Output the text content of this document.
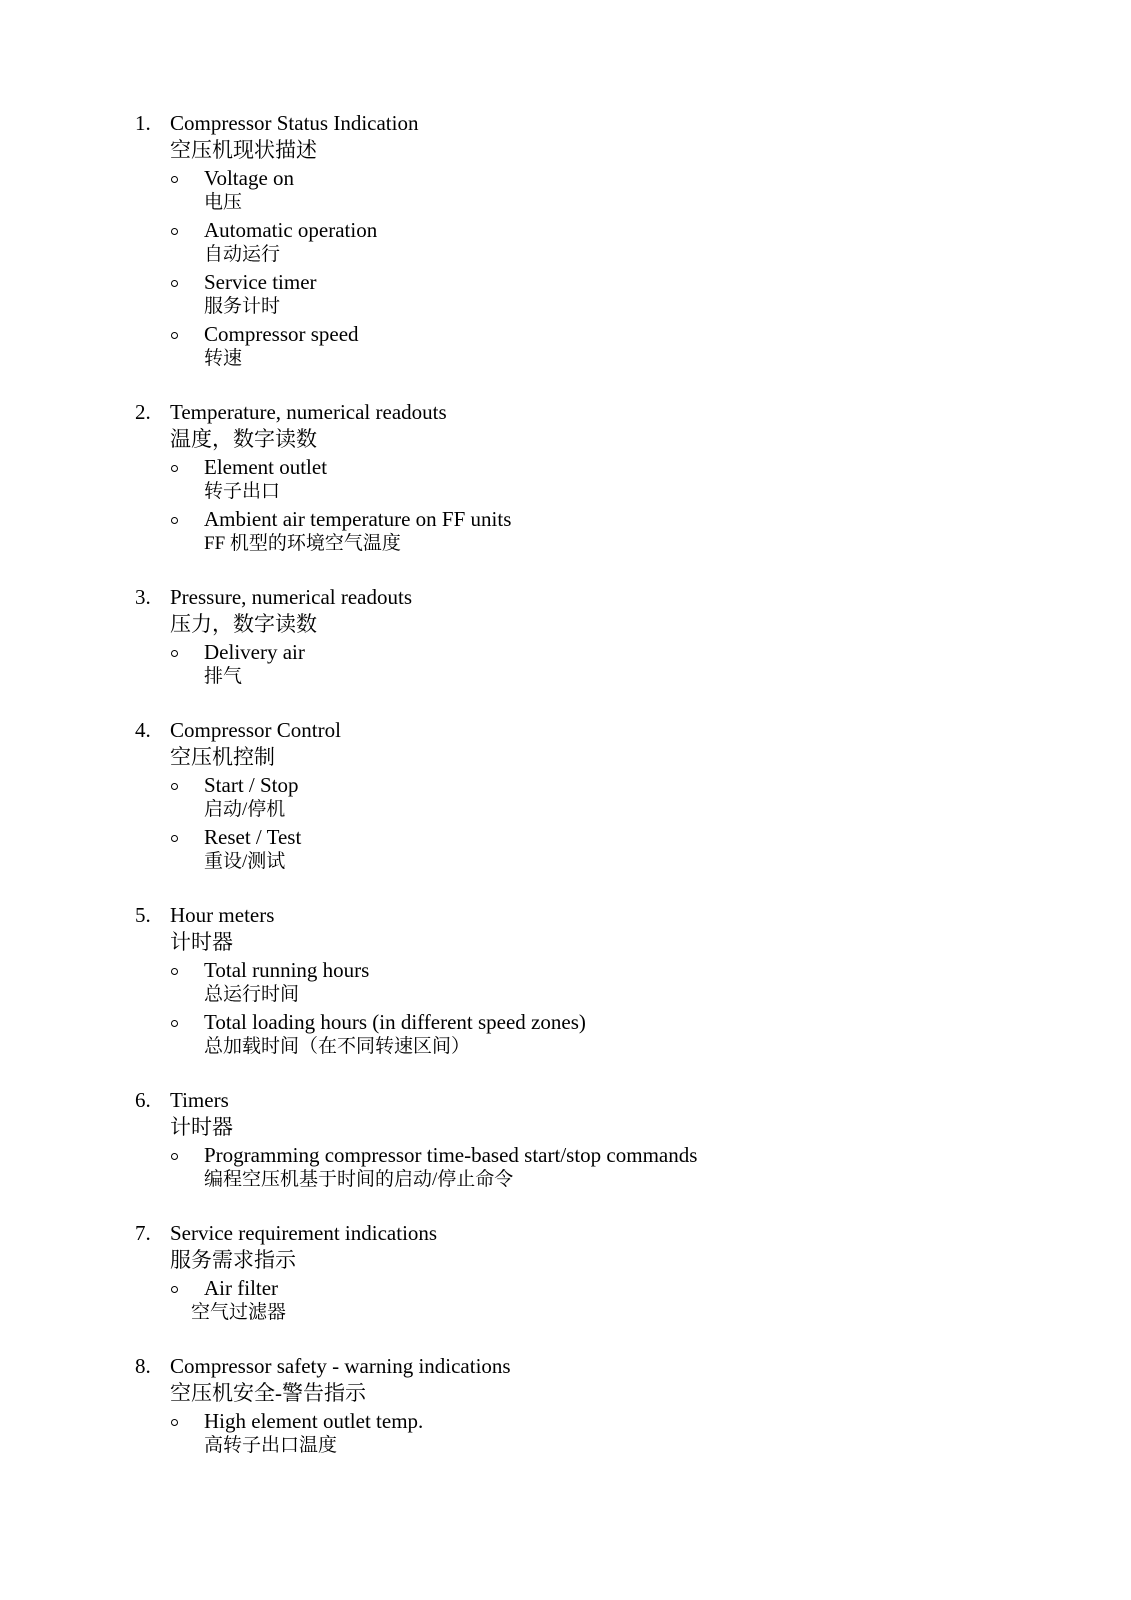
1. Compressor Status Indication
空压机现状描述
Voltage on
电压
Automatic operation
自动运行
Service timer
服务计时
Compressor speed
转速
2. Temperature, numerical readouts
温度，数字读数
Element outlet
转子出口
Ambient air temperature on FF units
FF 机型的环境空气温度
3. Pressure, numerical readouts
压力，数字读数
Delivery air
排气
4. Compressor Control
空压机控制
Start / Stop
启动/停机
Reset / Test
重设/测试
5. Hour meters
计时器
Total running hours
总运行时间
Total loading hours (in different speed zones)
总加载时间（在不同转速区间）
6. Timers
计时器
Programming compressor time-based start/stop commands
编程空压机基于时间的启动/停止命令
7. Service requirement indications
服务需求指示
Air filter
空气过滤器
8. Compressor safety - warning indications
空压机安全-警告指示
High element outlet temp.
高转子出口温度
